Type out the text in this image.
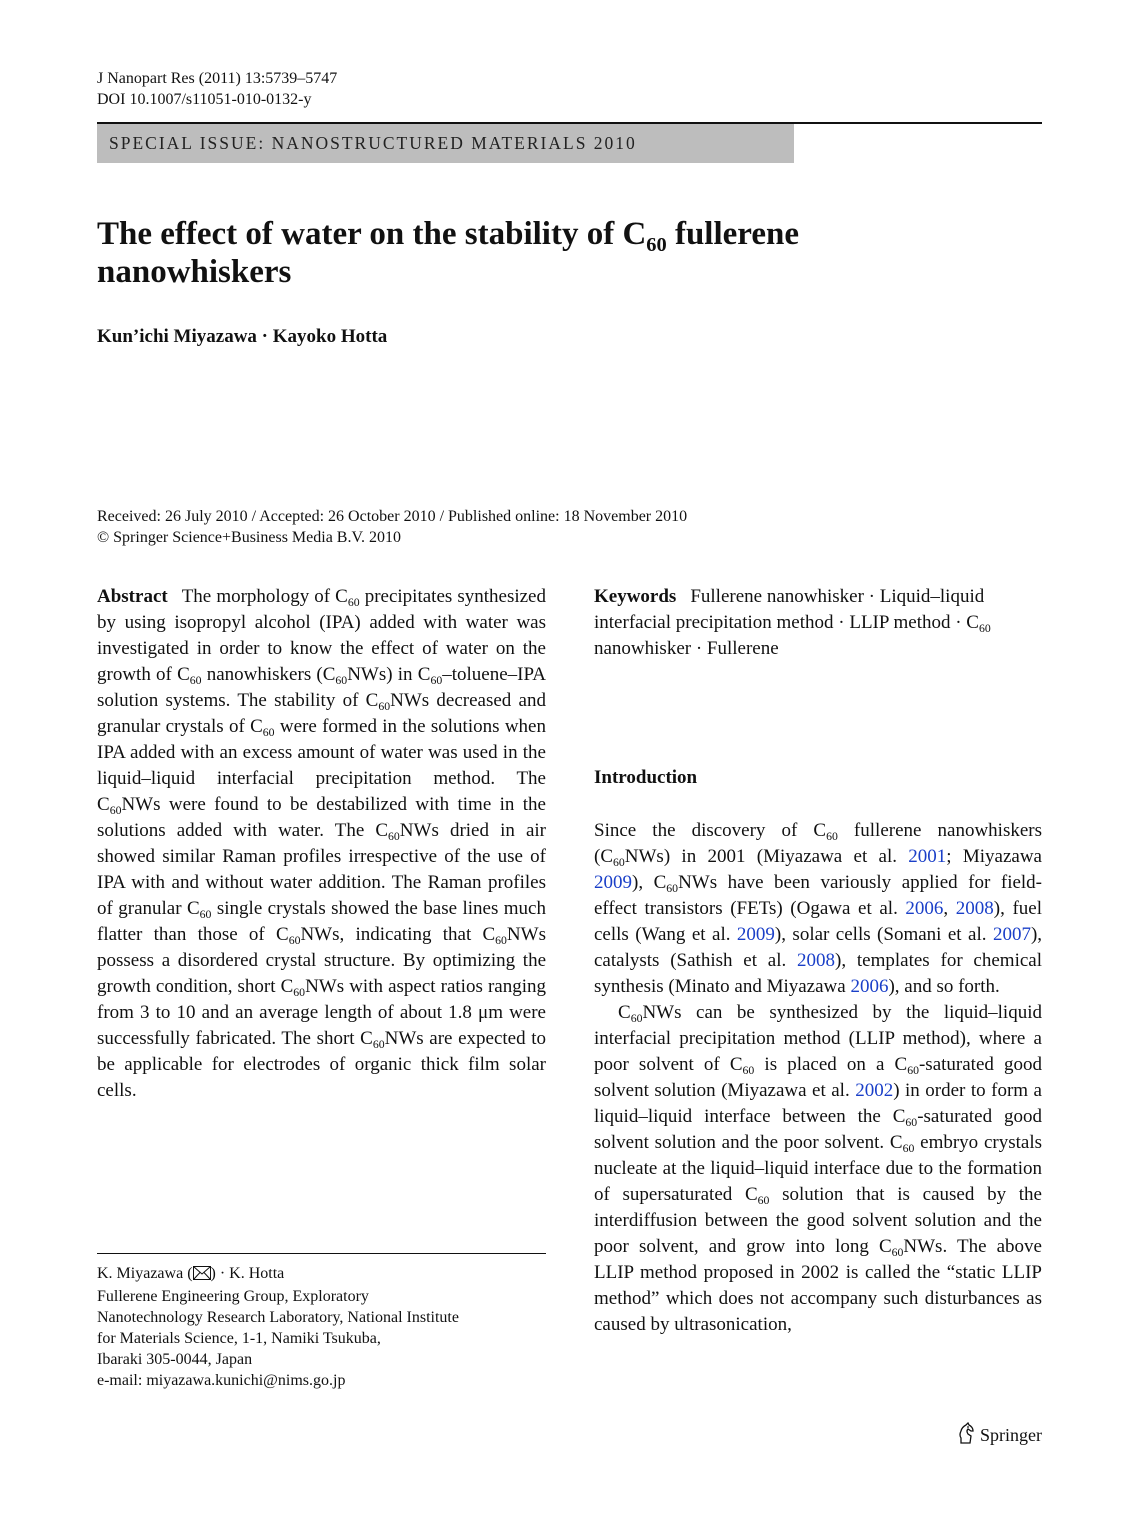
J Nanopart Res (2011) 13:5739–5747
DOI 10.1007/s11051-010-0132-y
SPECIAL ISSUE: NANOSTRUCTURED MATERIALS 2010
The effect of water on the stability of $C_{60}$ fullerene
nanowhiskers
Kun’ichi Miyazawa · Kayoko Hotta
Received: 26 July 2010 / Accepted: 26 October 2010 / Published online: 18 November 2010
© Springer Science+Business Media B.V. 2010

Abstract The morphology of $C_{60}$ precipitates synthesized by using isopropyl alcohol (IPA) added with water was investigated in order to know the effect of water on the growth of $C_{60}$ nanowhiskers $(C_{60}NWs)$ in $C_{60}-toluene$–IPA solution systems. The stability of $C_{60}NWs$ decreased and granular crystals of $C_{60}$ were formed in the solutions when IPA added with an excess amount of water was used in the liquid–liquid interfacial precipitation method. The $C_{60}NWs$ were found to be destabilized with time in the solutions added with water. The $C_{60}NWs$ dried in air showed similar Raman profiles irrespective of the use of IPA with and without water addition. The Raman profiles of granular $C_{60}$ single crystals showed the base lines much flatter than those of $C_{60}NWs$, indicating that $C_{60}NWs$ possess a disordered crystal structure. By optimizing the growth condition, short $C_{60}NWs$ with aspect ratios ranging from 3 to 10 and an average length of about 1.8 μm were successfully fabricated. The short $C_{60}NWs$ are expected to be applicable for electrodes of organic thick film solar cells.

Keywords Fullerene nanowhisker · Liquid–liquid interfacial precipitation method · LLIP method · $C_{60}$ nanowhisker · Fullerene

Introduction

Since the discovery of $C_{60}$ fullerene nanowhiskers $(C_{60}NWs)$ in 2001 (Miyazawa et al. 2001; Miyazawa 2009), $C_{60}NWs$ have been variously applied for field-effect transistors (FETs) (Ogawa et al. 2006, 2008), fuel cells (Wang et al. 2009), solar cells (Somani et al. 2007), catalysts (Sathish et al. 2008), templates for chemical synthesis (Minato and Miyazawa 2006), and so forth.

$C_{60}NWs$ can be synthesized by the liquid–liquid interfacial precipitation method (LLIP method), where a poor solvent of $C_{60}$ is placed on a $C_{60}$-saturated good solvent solution (Miyazawa et al. 2002) in order to form a liquid–liquid interface between the $C_{60}$-saturated good solvent solution and the poor solvent. $C_{60}$ embryo crystals nucleate at the liquid–liquid interface due to the formation of supersaturated $C_{60}$ solution that is caused by the interdiffusion between the good solvent solution and the poor solvent, and grow into long $C_{60}NWs$. The above LLIP method proposed in 2002 is called the “static LLIP method” which does not accompany such disturbances as caused by ultrasonication,

K. Miyazawa ( ) · K. Hotta
Fullerene Engineering Group, Exploratory
Nanotechnology Research Laboratory, National Institute
for Materials Science, 1-1, Namiki Tsukuba,
Ibaraki 305-0044, Japan
e-mail: miyazawa.kunichi@nims.go.jp
Springer
